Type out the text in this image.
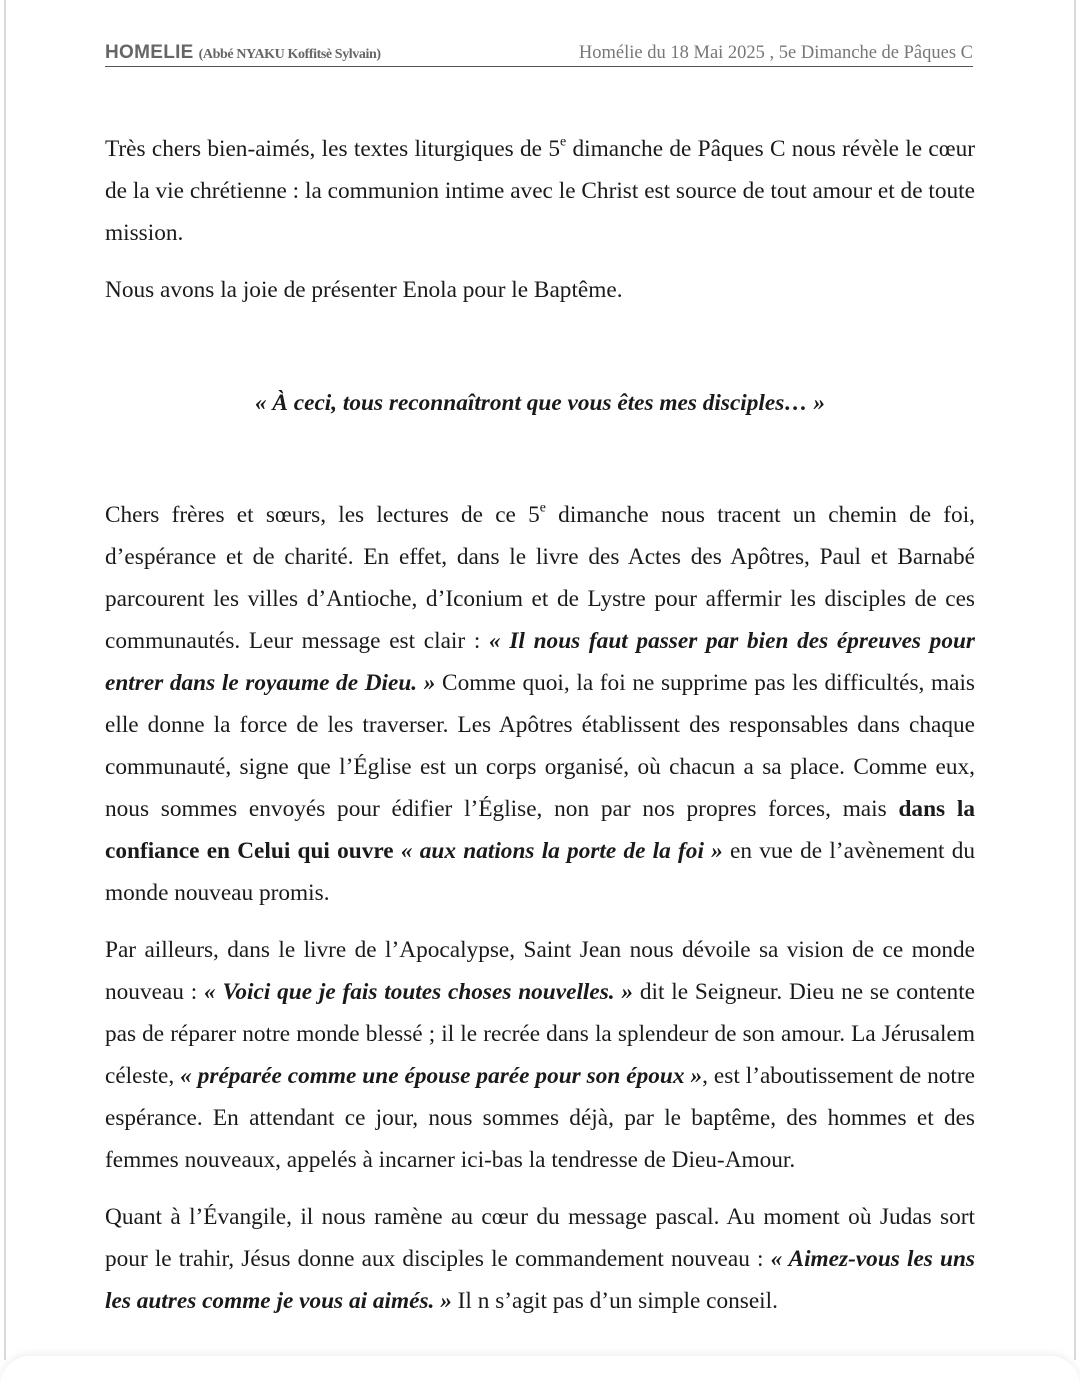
HOMELIE (Abbé NYAKU Koffitsè Sylvain)	Homélie du 18 Mai 2025 , 5e Dimanche de Pâques C

Très chers bien-aimés, les textes liturgiques de 5e dimanche de Pâques C nous révèle le cœur de la vie chrétienne : la communion intime avec le Christ est source de tout amour et de toute mission.

Nous avons la joie de présenter Enola pour le Baptême.

« À ceci, tous reconnaîtront que vous êtes mes disciples… »

Chers frères et sœurs, les lectures de ce 5e dimanche nous tracent un chemin de foi, d’espérance et de charité. En effet, dans le livre des Actes des Apôtres, Paul et Barnabé parcourent les villes d’Antioche, d’Iconium et de Lystre pour affermir les disciples de ces communautés. Leur message est clair : « Il nous faut passer par bien des épreuves pour entrer dans le royaume de Dieu. » Comme quoi, la foi ne supprime pas les difficultés, mais elle donne la force de les traverser. Les Apôtres établissent des responsables dans chaque communauté, signe que l’Église est un corps organisé, où chacun a sa place. Comme eux, nous sommes envoyés pour édifier l’Église, non par nos propres forces, mais dans la confiance en Celui qui ouvre « aux nations la porte de la foi » en vue de l’avènement du monde nouveau promis.

Par ailleurs, dans le livre de l’Apocalypse, Saint Jean nous dévoile sa vision de ce monde nouveau : « Voici que je fais toutes choses nouvelles. » dit le Seigneur. Dieu ne se contente pas de réparer notre monde blessé ; il le recrée dans la splendeur de son amour. La Jérusalem céleste, « préparée comme une épouse parée pour son époux », est l’aboutissement de notre espérance. En attendant ce jour, nous sommes déjà, par le baptême, des hommes et des femmes nouveaux, appelés à incarner ici-bas la tendresse de Dieu-Amour.

Quant à l’Évangile, il nous ramène au cœur du message pascal. Au moment où Judas sort pour le trahir, Jésus donne aux disciples le commandement nouveau : « Aimez-vous les uns les autres comme je vous ai aimés. » Il n s’agit pas d’un simple conseil.
